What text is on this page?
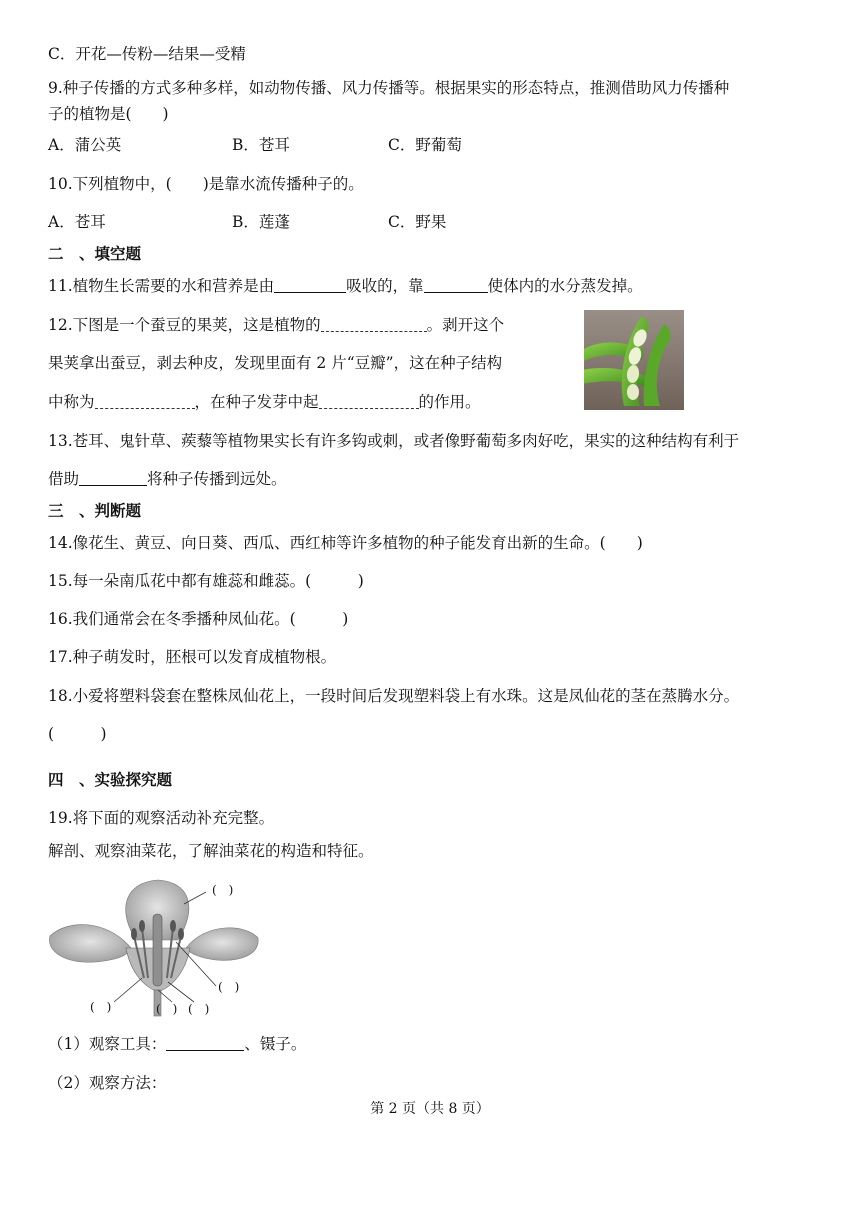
C．开花—传粉—结果—受精
9.种子传播的方式多种多样，如动物传播、风力传播等。根据果实的形态特点，推测借助风力传播种
子的植物是(　　)
A．蒲公英	B．苍耳	C．野葡萄
10.下列植物中，(　　)是靠水流传播种子的。
A．苍耳	B．莲蓬	C．野果
二　、填空题
11.植物生长需要的水和营养是由	吸收的，靠	使体内的水分蒸发掉。
12.下图是一个蚕豆的果荚，这是植物的	。剥开这个
果荚拿出蚕豆，剥去种皮，发现里面有 2 片“豆瓣”，这在种子结构
中称为	，在种子发芽中起	的作用。
13.苍耳、鬼针草、蒺藜等植物果实长有许多钩或刺，或者像野葡萄多肉好吃，果实的这种结构有利于
借助	将种子传播到远处。
三　、判断题
14.像花生、黄豆、向日葵、西瓜、西红柿等许多植物的种子能发育出新的生命。(　　)
15.每一朵南瓜花中都有雄蕊和雌蕊。(　　　)
16.我们通常会在冬季播种凤仙花。(　　　)
17.种子萌发时，胚根可以发育成植物根。
18.小爱将塑料袋套在整株凤仙花上，一段时间后发现塑料袋上有水珠。这是凤仙花的茎在蒸腾水分。
(　　　)
四　、实验探究题
19.将下面的观察活动补充完整。
解剖、观察油菜花，了解油菜花的构造和特征。
(　)
(　)
(　)	(　) (　)
（1）观察工具：	、镊子。
（2）观察方法：
第 2 页（共 8 页）
